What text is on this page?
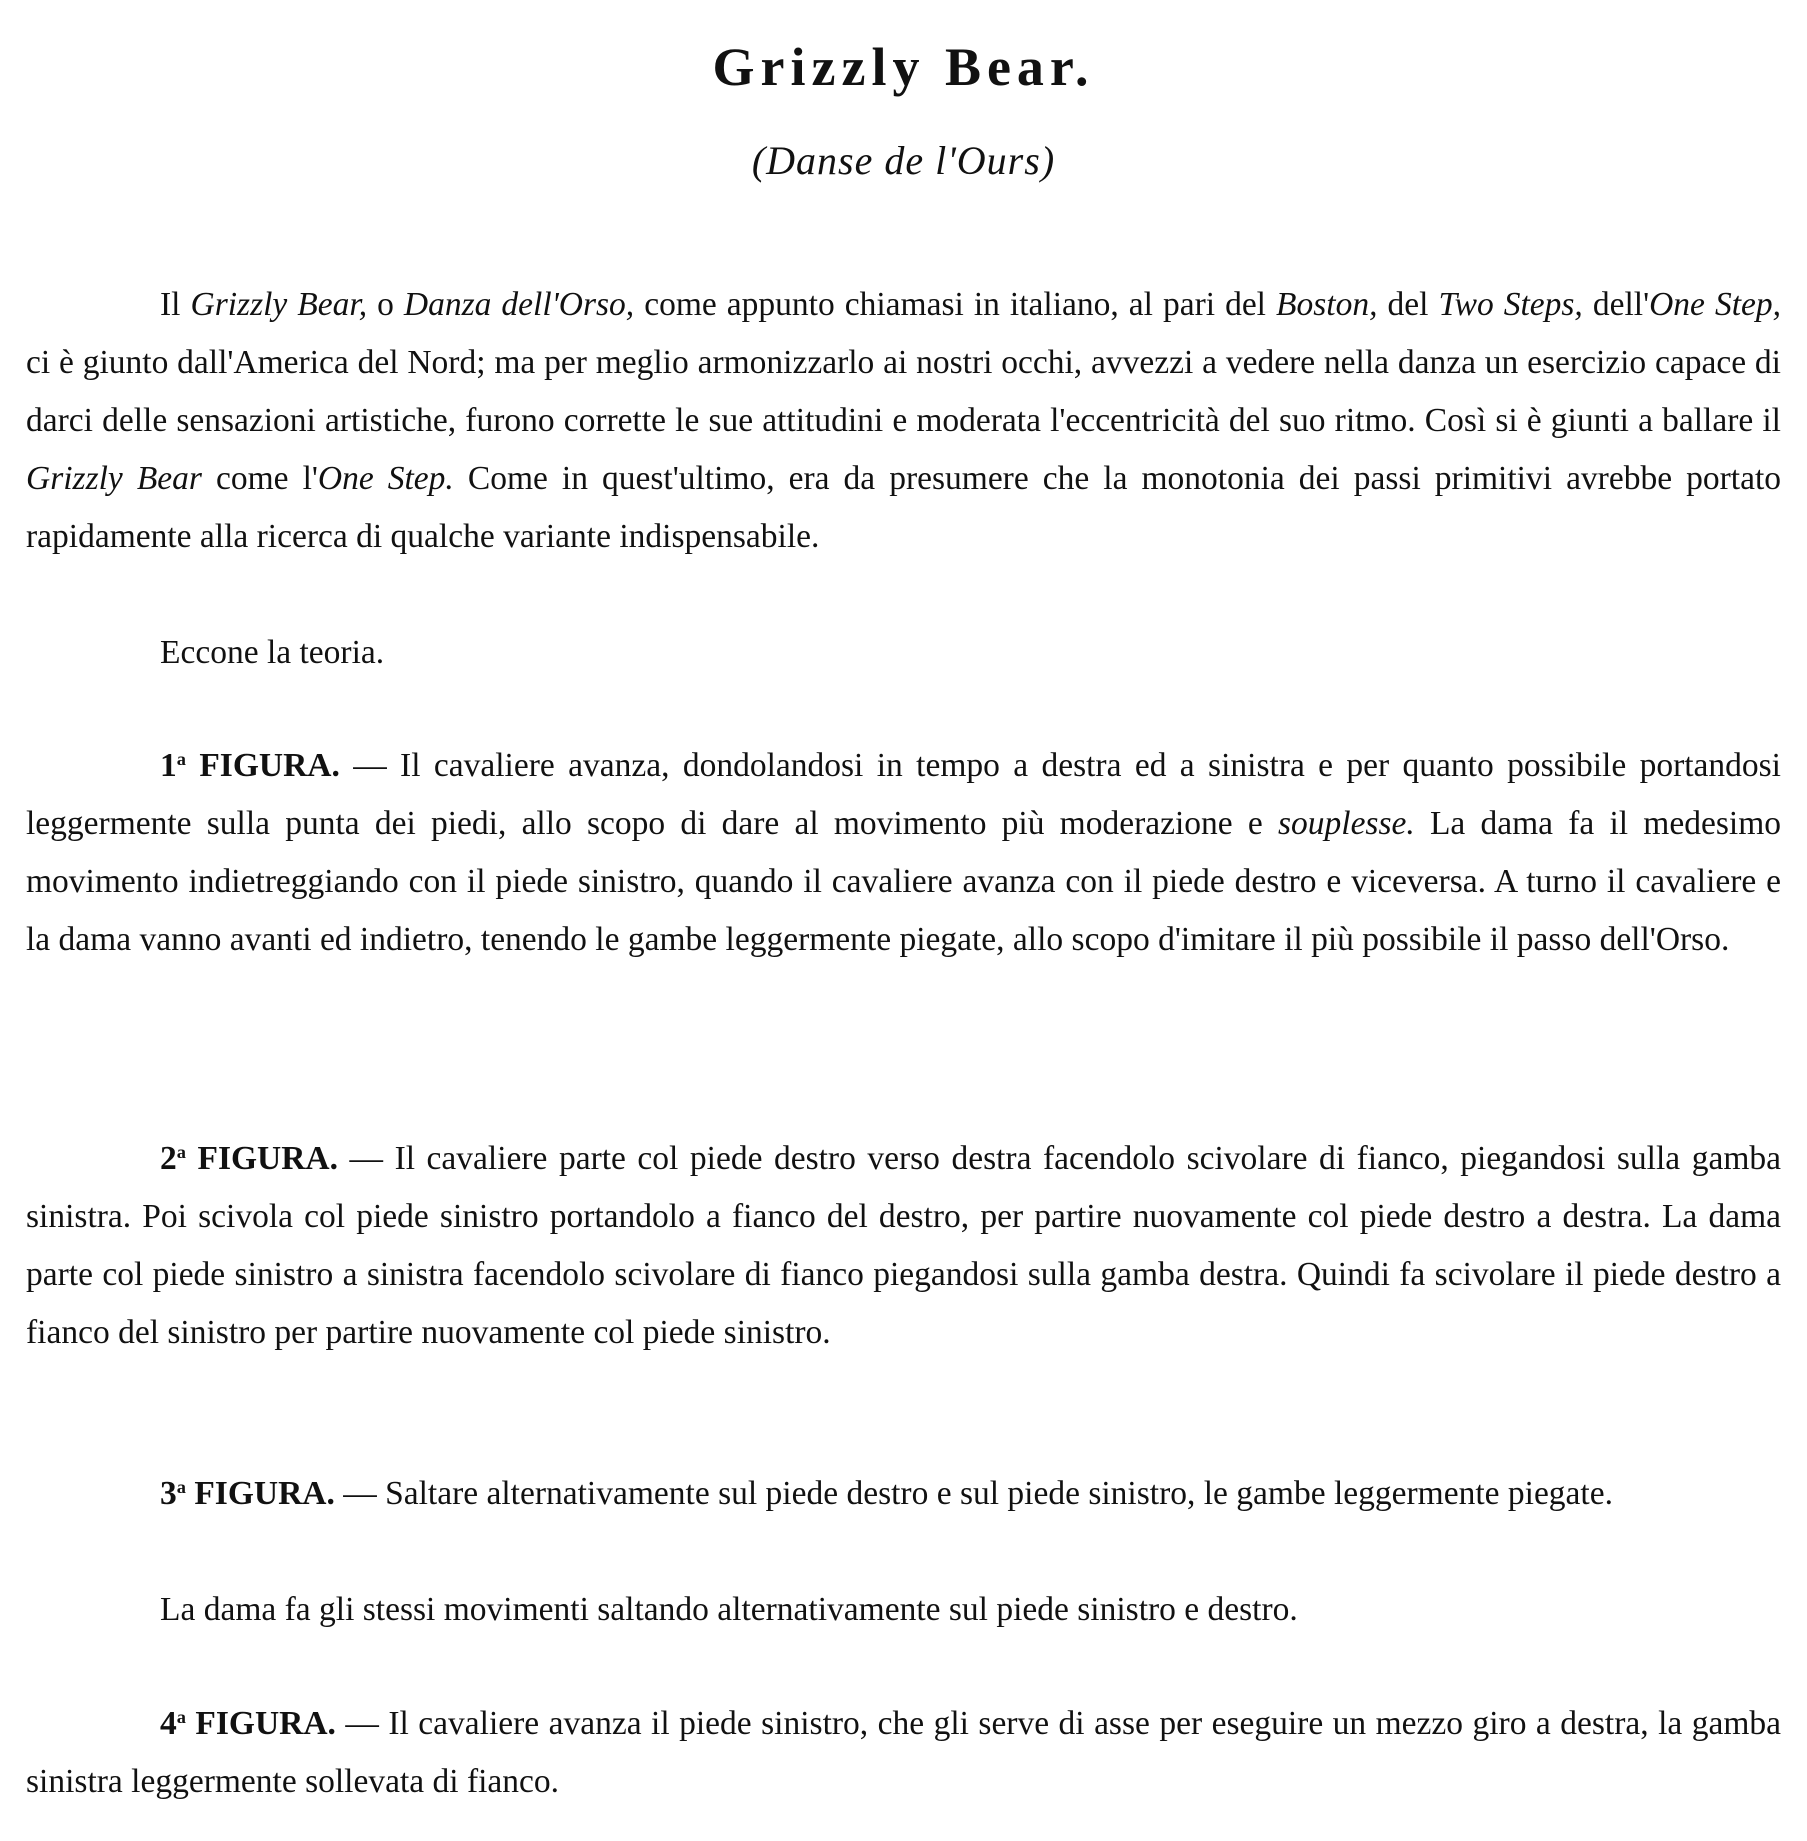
Grizzly Bear.

(Danse de l'Ours)

Il Grizzly Bear, o Danza dell'Orso, come appunto chiamasi in italiano, al pari del Boston, del Two Steps, dell'One Step, ci è giunto dall'America del Nord; ma per meglio armonizzarlo ai nostri occhi, avvezzi a vedere nella danza un esercizio capace di darci delle sensazioni artistiche, furono corrette le sue attitudini e moderata l'eccentricità del suo ritmo. Così si è giunti a ballare il Grizzly Bear come l'One Step. Come in quest'ultimo, era da presumere che la monotonia dei passi primitivi avrebbe portato rapidamente alla ricerca di qualche variante indispensabile.

Eccone la teoria.

1$^a$ FIGURA. — Il cavaliere avanza, dondolandosi in tempo a destra ed a sinistra e per quanto possibile portandosi leggermente sulla punta dei piedi, allo scopo di dare al movimento più moderazione e souplesse. La dama fa il medesimo movimento indietreggiando con il piede sinistro, quando il cavaliere avanza con il piede destro e viceversa. A turno il cavaliere e la dama vanno avanti ed indietro, tenendo le gambe leggermente piegate, allo scopo d'imitare il più possibile il passo dell'Orso.

2$^a$ FIGURA. — Il cavaliere parte col piede destro verso destra facendolo scivolare di fianco, piegandosi sulla gamba sinistra. Poi scivola col piede sinistro portandolo a fianco del destro, per partire nuovamente col piede destro a destra. La dama parte col piede sinistro a sinistra facendolo scivolare di fianco piegandosi sulla gamba destra. Quindi fa scivolare il piede destro a fianco del sinistro per partire nuovamente col piede sinistro.

3$^a$ FIGURA. — Saltare alternativamente sul piede destro e sul piede sinistro, le gambe leggermente piegate.

La dama fa gli stessi movimenti saltando alternativamente sul piede sinistro e destro.

4$^a$ FIGURA. — Il cavaliere avanza il piede sinistro, che gli serve di asse per eseguire un mezzo giro a destra, la gamba sinistra leggermente sollevata di fianco.
